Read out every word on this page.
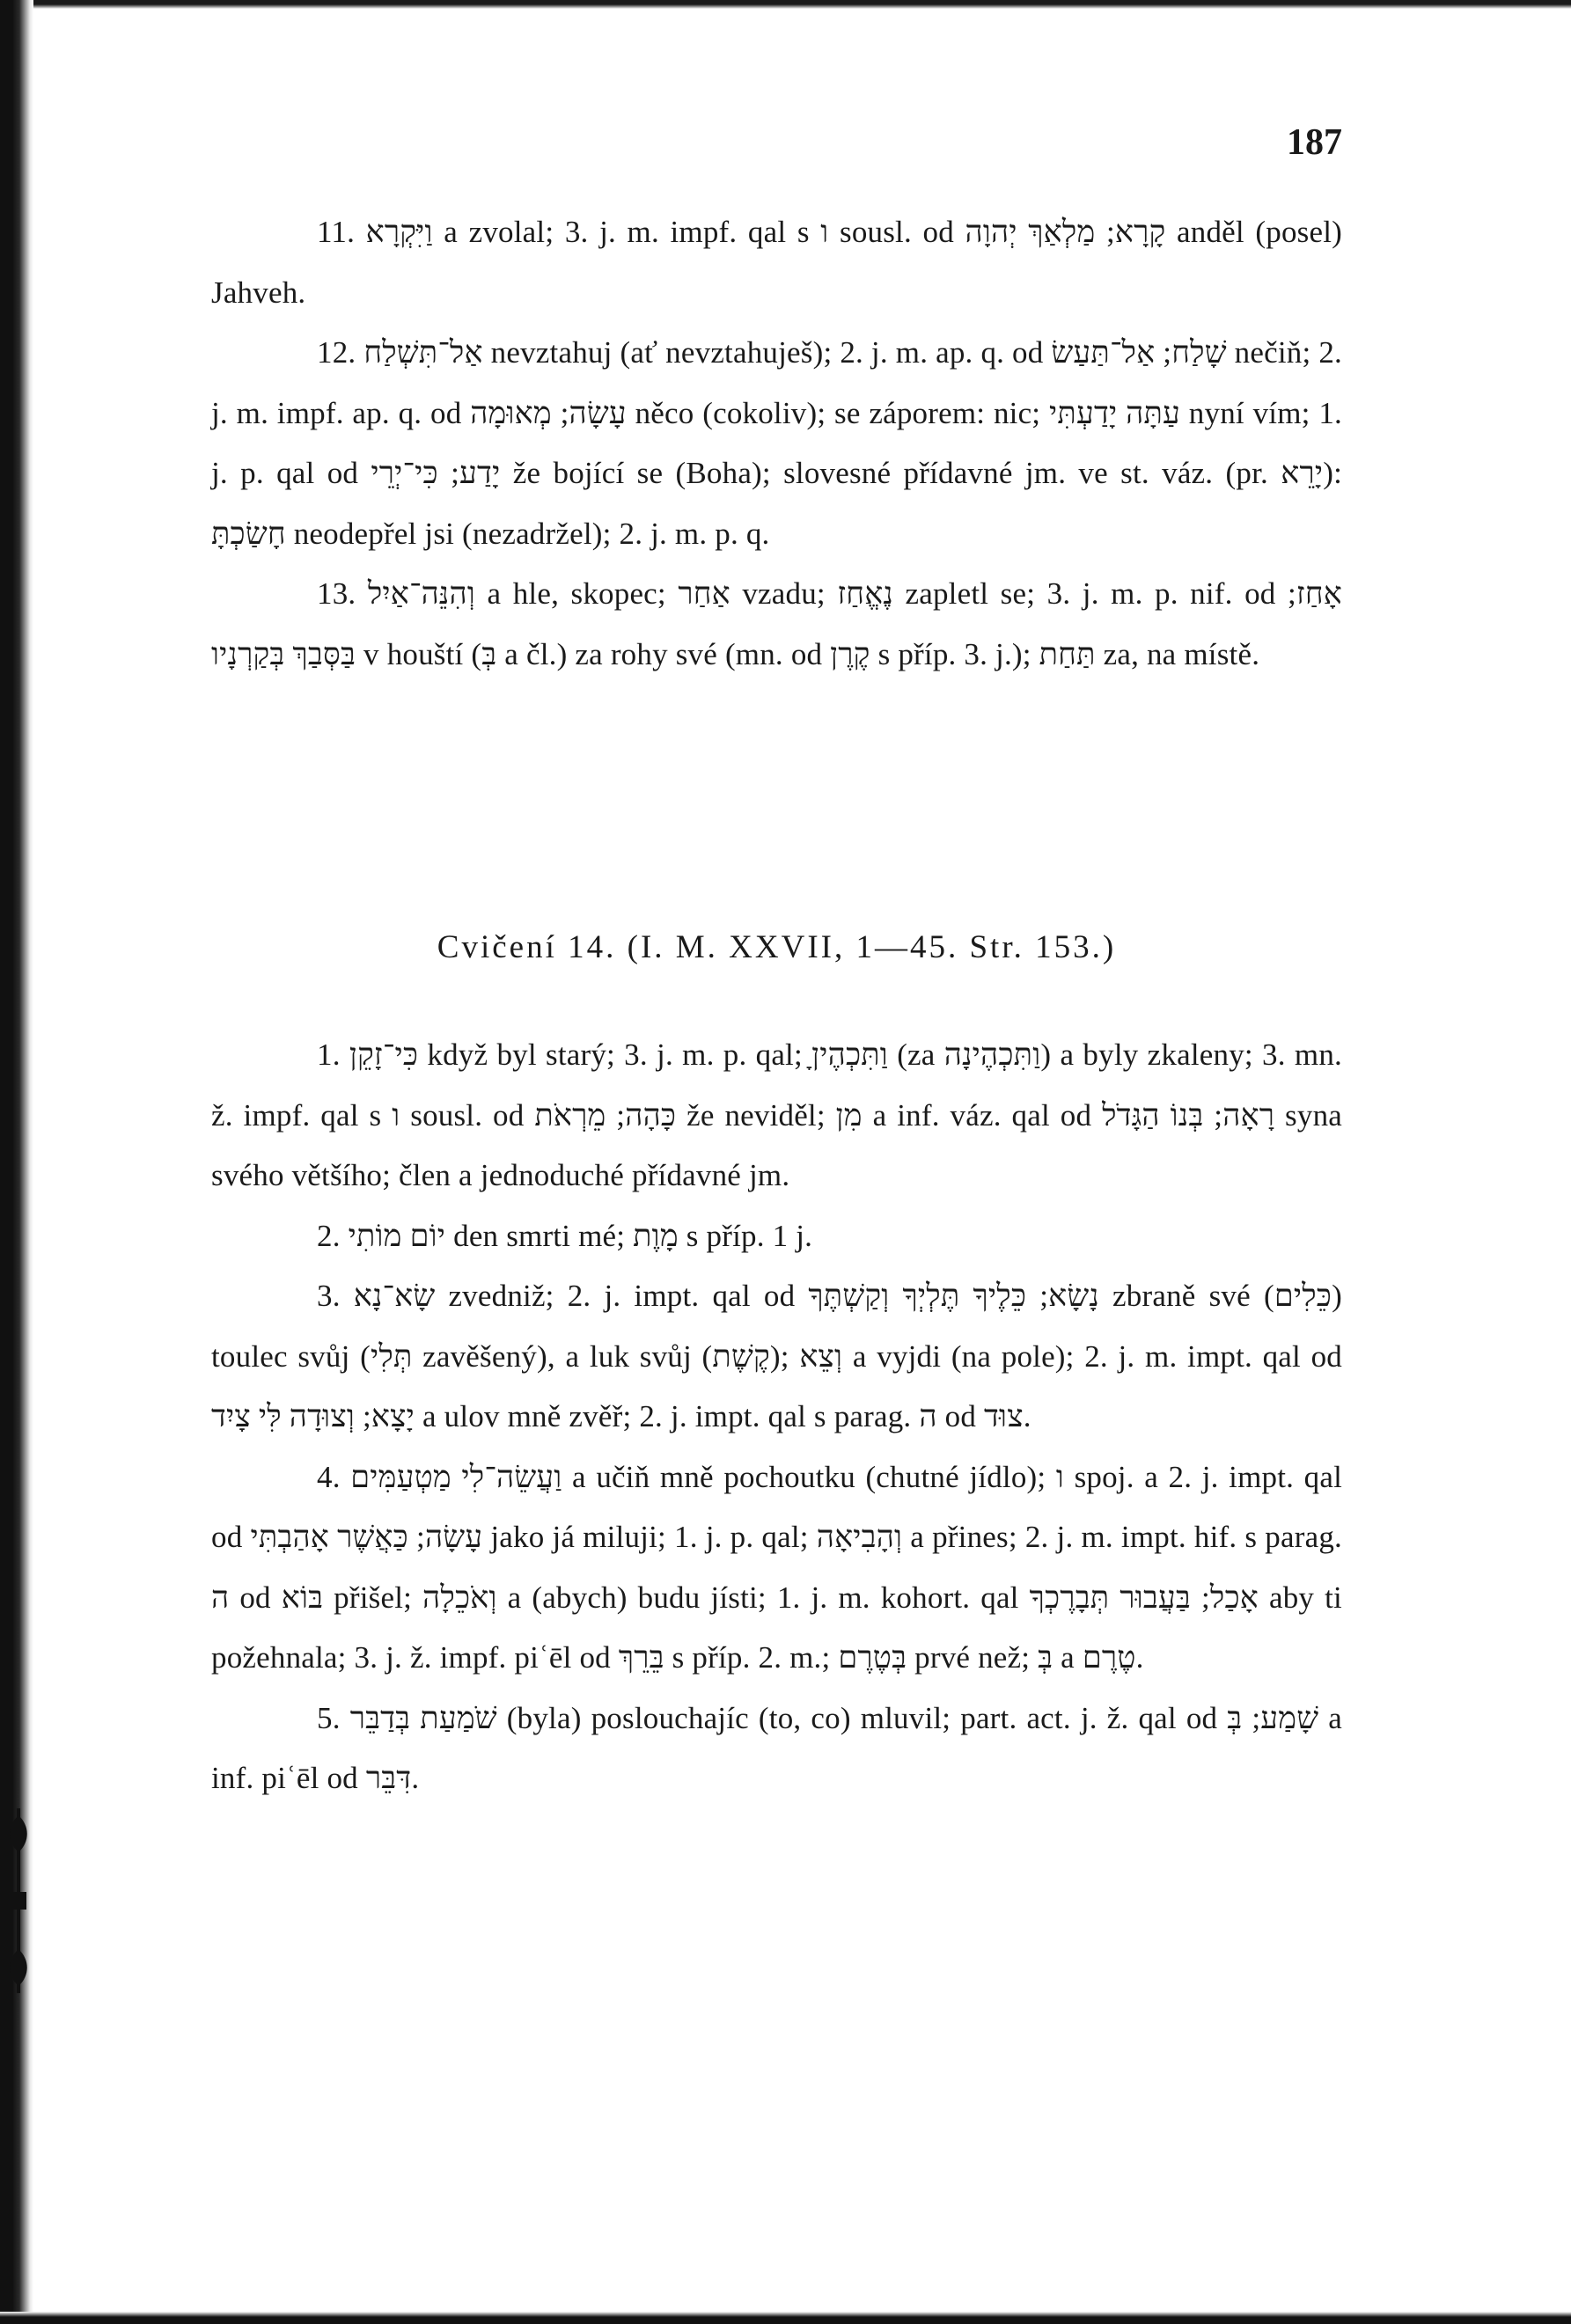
187

11. וַיִּקְרָא a zvolal; 3. j. m. impf. qal s ו sousl. od קָרָא; מַלְאַךְ יְהוָה anděl (posel) Jahveh.

12. אַל־תִּשְׁלַח nevztahuj (ať nevztahuješ); 2. j. m. ap. q. od שָׁלַח; אַל־תַּעַשׂ nečiň; 2. j. m. impf. ap. q. od עָשָׂה; מְאוּמָה něco (cokoliv); se záporem: nic; עַתָּה יָדַעְתִּי nyní vím; 1. j. p. qal od יָדַע; כִּי־יְרֵי že bojící se (Boha); slovesné přídavné jm. ve st. váz. (pr. יָרֵא): חָשַׂכְתָּ neodepřel jsi (nezadržel); 2. j. m. p. q.

13. וְהִנֵּה־אַיִל a hle, skopec; אַחַר vzadu; נֶאֱחַז zapletl se; 3. j. m. p. nif. od אָחַז; בַּסְּבַךְ בְּקַרְנָיו v houští (בְּ a čl.) za rohy své (mn. od קֶרֶן s příp. 3. j.); תַּחַת za, na místě.

Cvičení 14. (I. M. XXVII, 1—45. Str. 153.)

1. כִּי־זָקֵן když byl starý; 3. j. m. p. qal; וַתִּכְהֶיןָ (za וַתִּכְהֶינָה) a byly zkaleny; 3. mn. ž. impf. qal s ו sousl. od כָּהָה; מֵרְאֹת že neviděl; מִן a inf. váz. qal od רָאָה; בְּנוֹ הַגָּדֹל syna svého většího; člen a jednoduché přídavné jm.

2. יוֹם מוֹתִי den smrti mé; מָוֶת s příp. 1 j.

3. שָׂא־נָא zvedniž; 2. j. impt. qal od נָשָׂא; כֵּלֶיךָ תֶּלְיְךָ וְקַשְׁתֶּךָ zbraně své (כֵּלִים) toulec svůj (תְּלִי zavěšený), a luk svůj (קֶשֶׁת); וְצֵא a vyjdi (na pole); 2. j. m. impt. qal od יָצָא; וְצוּדָה לִּי צָיִד a ulov mně zvěř; 2. j. impt. qal s parag. ה od צוּד.

4. וַעֲשֵׂה־לִי מַטְעַמִּים a učiň mně pochoutku (chutné jídlo); ו spoj. a 2. j. impt. qal od עָשָׂה; כַּאֲשֶׁר אָהַבְתִּי jako já miluji; 1. j. p. qal; וְהָבִיאָה a přines; 2. j. m. impt. hif. s parag. ה od בּוֹא přišel; וְאֹכֵלָה a (abych) budu jísti; 1. j. m. kohort. qal אָכַל; בַּעֲבוּר תְּבָרֶכְךָ aby ti požehnala; 3. j. ž. impf. piʿēl od בֵּרֵךְ s příp. 2. m.; בְּטֶרֶם prvé než; בְּ a טֶרֶם.

5. שֹׁמַעַת בְּדַבֵּר (byla) poslouchajíc (to, co) mluvil; part. act. j. ž. qal od שָׁמַע; בְּ a inf. piʿēl od דִּבֵּר.
